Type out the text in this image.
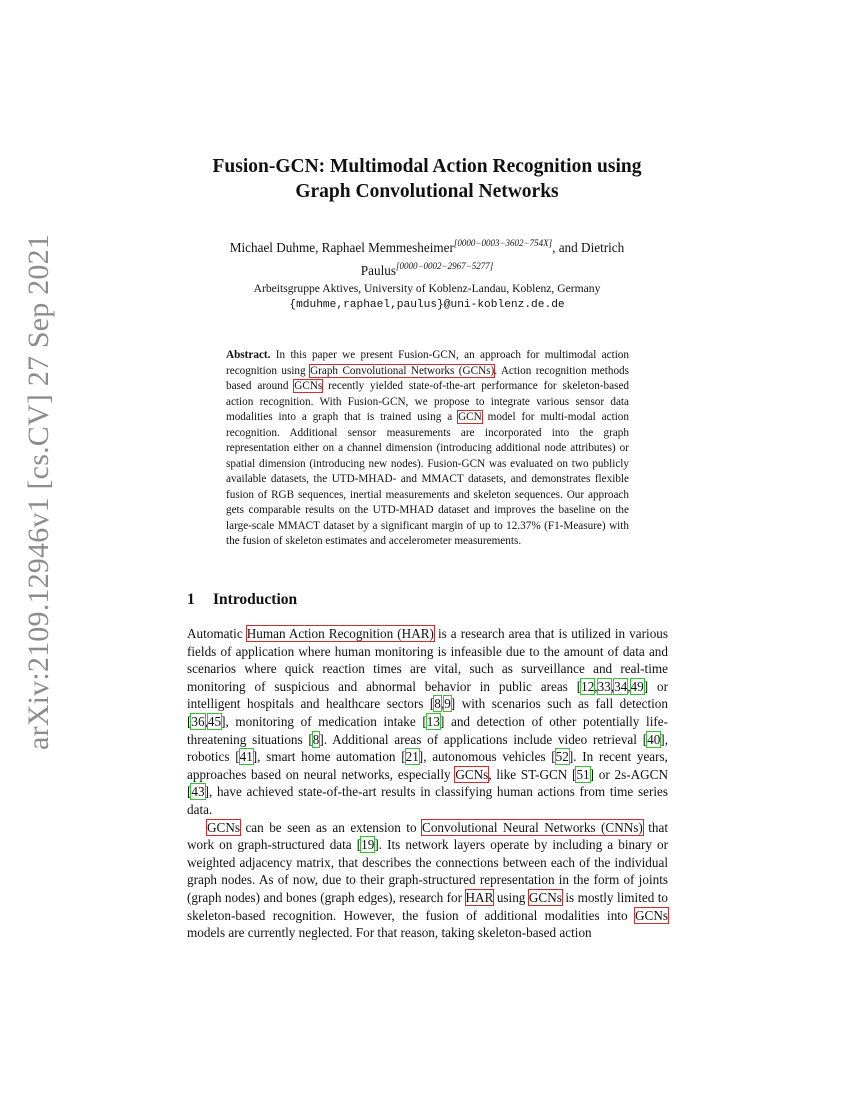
arXiv:2109.12946v1 [cs.CV] 27 Sep 2021
Fusion-GCN: Multimodal Action Recognition using
Graph Convolutional Networks
Michael Duhme, Raphael Memmesheimer[0000−0003−3602−754X], and Dietrich
Paulus[0000−0002−2967−5277]
Arbeitsgruppe Aktives, University of Koblenz-Landau, Koblenz, Germany
{mduhme,raphael,paulus}@uni-koblenz.de.de
Abstract. In this paper we present Fusion-GCN, an approach for multimodal action recognition using Graph Convolutional Networks (GCNs). Action recognition methods based around GCNs recently yielded state-of-the-art performance for skeleton-based action recognition. With Fusion-GCN, we propose to integrate various sensor data modalities into a graph that is trained using a GCN model for multi-modal action recognition. Additional sensor measurements are incorporated into the graph representation either on a channel dimension (introducing additional node attributes) or spatial dimension (introducing new nodes). Fusion-GCN was evaluated on two publicly available datasets, the UTD-MHAD- and MMACT datasets, and demonstrates flexible fusion of RGB sequences, inertial measurements and skeleton sequences. Our approach gets comparable results on the UTD-MHAD dataset and improves the baseline on the large-scale MMACT dataset by a significant margin of up to 12.37% (F1-Measure) with the fusion of skeleton estimates and accelerometer measurements.
1 Introduction

Automatic Human Action Recognition (HAR) is a research area that is utilized in various fields of application where human monitoring is infeasible due to the amount of data and scenarios where quick reaction times are vital, such as surveillance and real-time monitoring of suspicious and abnormal behavior in public areas [12,33,34,49] or intelligent hospitals and healthcare sectors [8,9] with scenarios such as fall detection [36,45], monitoring of medication intake [13] and detection of other potentially life-threatening situations [8]. Additional areas of applications include video retrieval [40], robotics [41], smart home automation [21], autonomous vehicles [52]. In recent years, approaches based on neural networks, especially GCNs, like ST-GCN [51] or 2s-AGCN [43], have achieved state-of-the-art results in classifying human actions from time series data.

GCNs can be seen as an extension to Convolutional Neural Networks (CNNs) that work on graph-structured data [19]. Its network layers operate by including a binary or weighted adjacency matrix, that describes the connections between each of the individual graph nodes. As of now, due to their graph-structured representation in the form of joints (graph nodes) and bones (graph edges), research for HAR using GCNs is mostly limited to skeleton-based recognition. However, the fusion of additional modalities into GCNs models are currently neglected. For that reason, taking skeleton-based action
